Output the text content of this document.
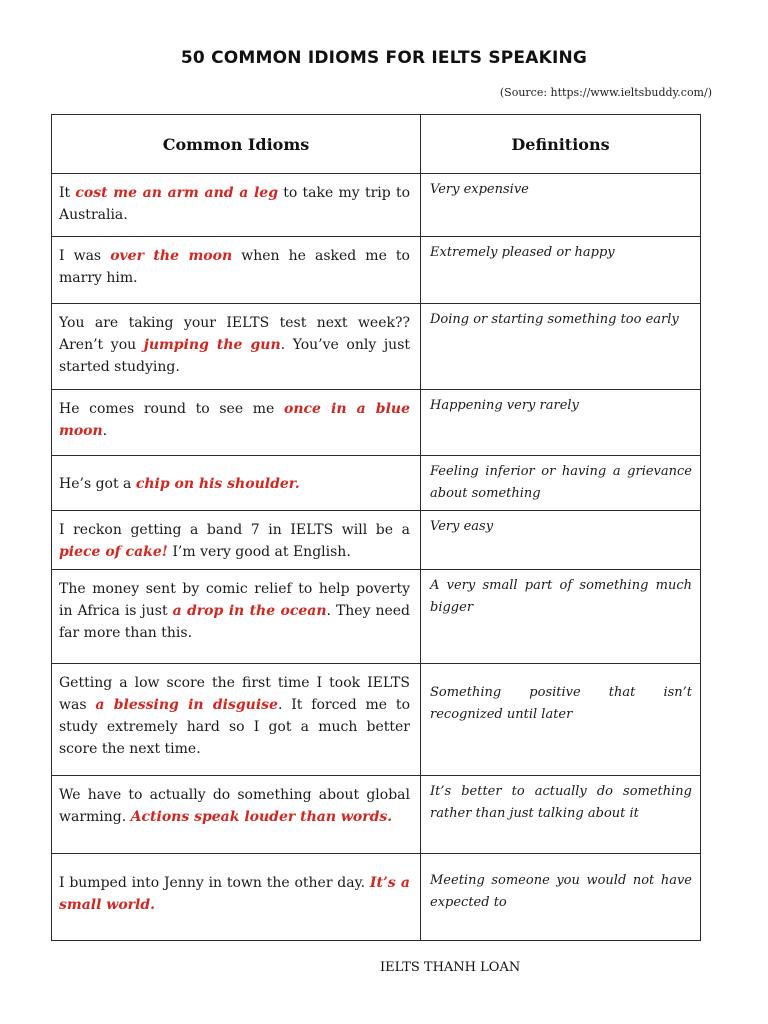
50 COMMON IDIOMS FOR IELTS SPEAKING
(Source: https://www.ieltsbuddy.com/)
Common Idioms	Definitions
It cost me an arm and a leg to take my trip to Australia.	Very expensive
I was over the moon when he asked me to marry him.	Extremely pleased or happy
You are taking your IELTS test next week?? Aren’t you jumping the gun. You’ve only just started studying.	Doing or starting something too early
He comes round to see me once in a blue moon.	Happening very rarely
He’s got a chip on his shoulder.	Feeling inferior or having a grievance about something
I reckon getting a band 7 in IELTS will be a piece of cake! I’m very good at English.	Very easy
The money sent by comic relief to help poverty in Africa is just a drop in the ocean. They need far more than this.	A very small part of something much bigger
Getting a low score the first time I took IELTS was a blessing in disguise. It forced me to study extremely hard so I got a much better score the next time.	Something positive that isn’t recognized until later
We have to actually do something about global warming. Actions speak louder than words.	It’s better to actually do something rather than just talking about it
I bumped into Jenny in town the other day. It’s a small world.	Meeting someone you would not have expected to
IELTS THANH LOAN
